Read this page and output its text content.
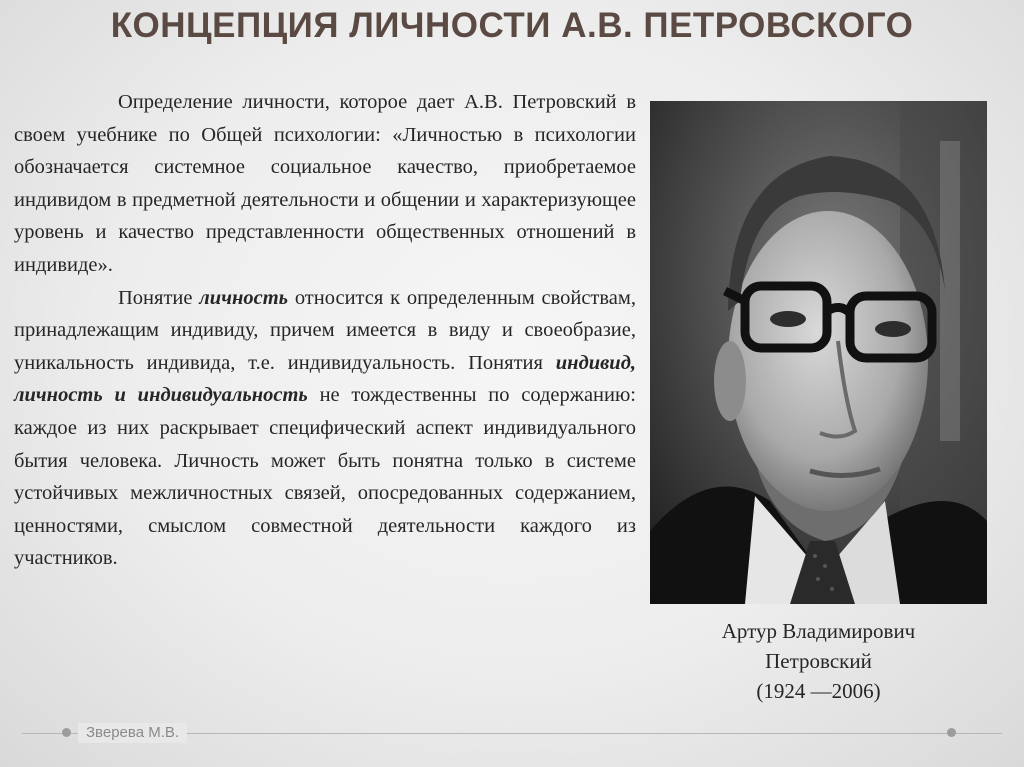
КОНЦЕПЦИЯ ЛИЧНОСТИ А.В. ПЕТРОВСКОГО

Определение личности, которое дает А.В. Петровский в своем учебнике по Общей психологии: «Личностью в психологии обозначается системное социальное качество, приобретаемое индивидом в предметной деятельности и общении и характеризующее уровень и качество представленности общественных отношений в индивиде».

Понятие личность относится к определенным свойствам, принадлежащим индивиду, причем имеется в виду и своеобразие, уникальность индивида, т.е. индивидуальность. Понятия индивид, личность и индивидуальность не тождественны по содержанию: каждое из них раскрывает специфический аспект индивидуального бытия человека. Личность может быть понятна только в системе устойчивых межличностных связей, опосредованных содержанием, ценностями, смыслом совместной деятельности каждого из участников.

Артур Владимирович
Петровский
(1924 —2006)
Зверева М.В.
